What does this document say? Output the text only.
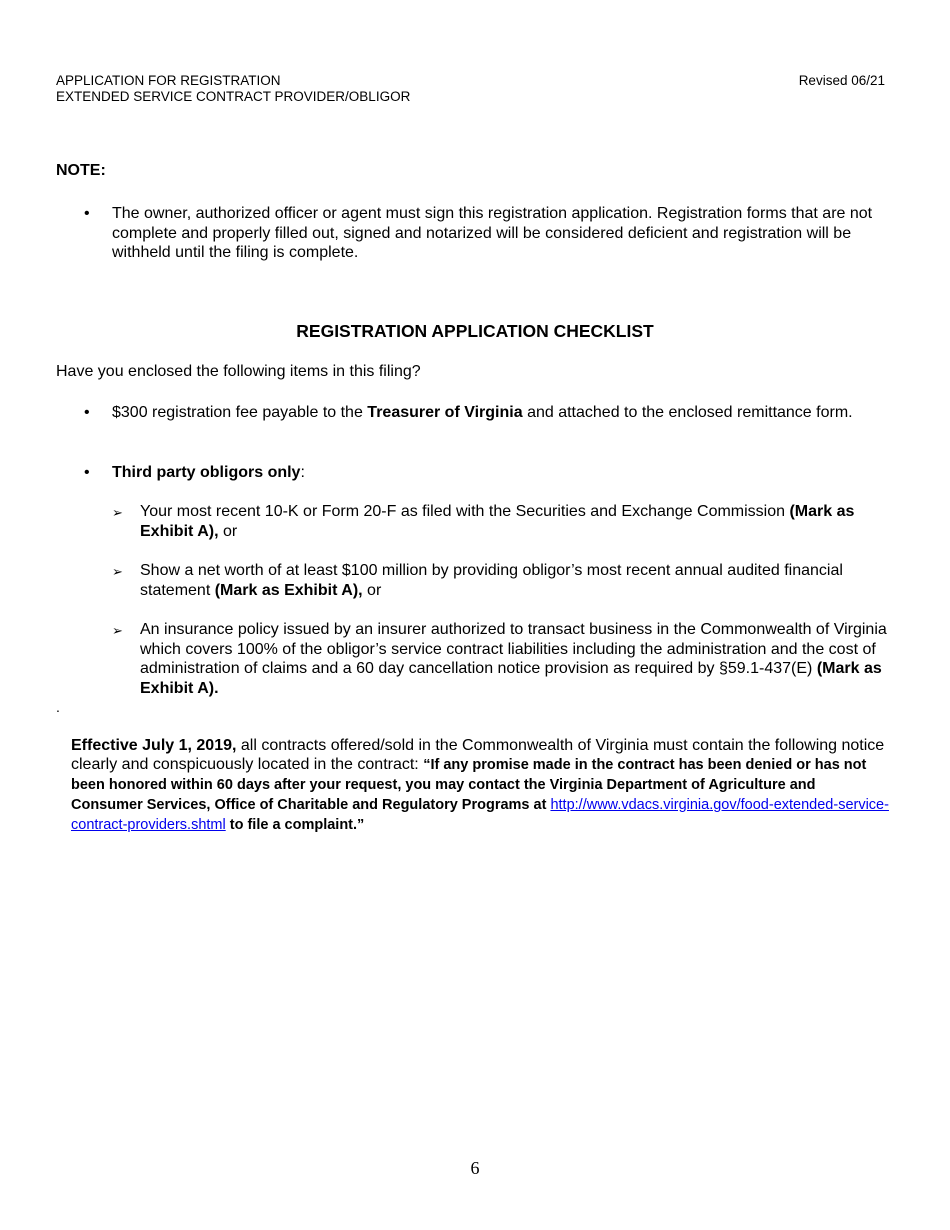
APPLICATION FOR REGISTRATION
EXTENDED SERVICE CONTRACT PROVIDER/OBLIGOR
Revised 06/21
NOTE:
•	The owner, authorized officer or agent must sign this registration application. Registration forms that are not complete and properly filled out, signed and notarized will be considered deficient and registration will be withheld until the filing is complete.
REGISTRATION APPLICATION CHECKLIST
Have you enclosed the following items in this filing?
•	$300 registration fee payable to the Treasurer of Virginia and attached to the enclosed remittance form.
•	Third party obligors only:
➢	Your most recent 10-K or Form 20-F as filed with the Securities and Exchange Commission (Mark as Exhibit A), or
➢	Show a net worth of at least $100 million by providing obligor’s most recent annual audited financial statement (Mark as Exhibit A), or
➢	An insurance policy issued by an insurer authorized to transact business in the Commonwealth of Virginia which covers 100% of the obligor’s service contract liabilities including the administration and the cost of administration of claims and a 60 day cancellation notice provision as required by §59.1-437(E) (Mark as Exhibit A).
.
Effective July 1, 2019, all contracts offered/sold in the Commonwealth of Virginia must contain the following notice clearly and conspicuously located in the contract: “If any promise made in the contract has been denied or has not been honored within 60 days after your request, you may contact the Virginia Department of Agriculture and Consumer Services, Office of Charitable and Regulatory Programs at http://www.vdacs.virginia.gov/food-extended-service-contract-providers.shtml to file a complaint.”
6
